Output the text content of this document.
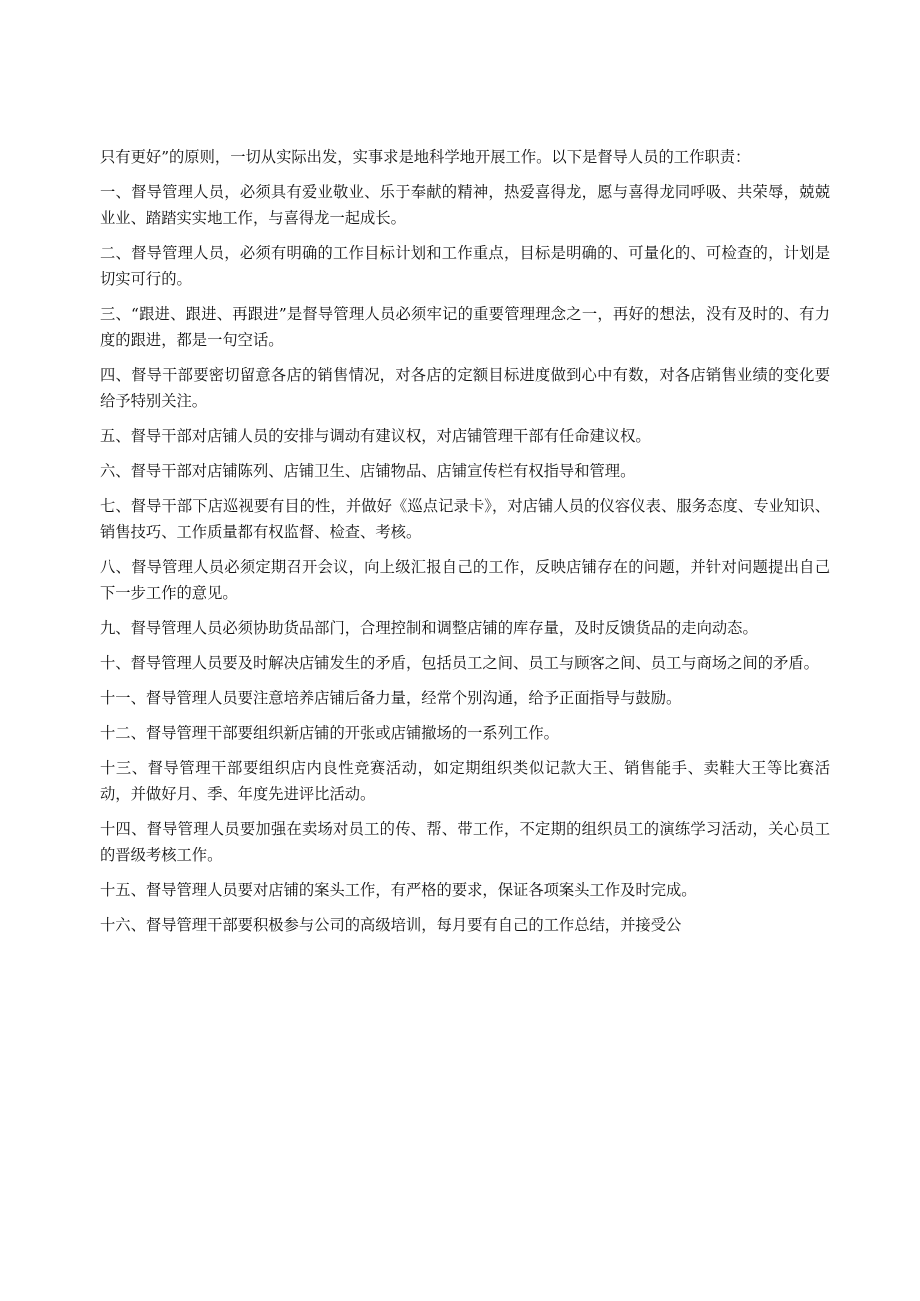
只有更好”的原则，一切从实际出发，实事求是地科学地开展工作。以下是督导人员的工作职责：

一、督导管理人员，必须具有爱业敬业、乐于奉献的精神，热爱喜得龙，愿与喜得龙同呼吸、共荣辱，兢兢业业、踏踏实实地工作，与喜得龙一起成长。

二、督导管理人员，必须有明确的工作目标计划和工作重点，目标是明确的、可量化的、可检查的，计划是切实可行的。

三、“跟进、跟进、再跟进”是督导管理人员必须牢记的重要管理理念之一，再好的想法，没有及时的、有力度的跟进，都是一句空话。

四、督导干部要密切留意各店的销售情况，对各店的定额目标进度做到心中有数，对各店销售业绩的变化要给予特别关注。

五、督导干部对店铺人员的安排与调动有建议权，对店铺管理干部有任命建议权。

六、督导干部对店铺陈列、店铺卫生、店铺物品、店铺宣传栏有权指导和管理。

七、督导干部下店巡视要有目的性，并做好《巡点记录卡》，对店铺人员的仪容仪表、服务态度、专业知识、销售技巧、工作质量都有权监督、检查、考核。

八、督导管理人员必须定期召开会议，向上级汇报自己的工作，反映店铺存在的问题，并针对问题提出自己下一步工作的意见。

九、督导管理人员必须协助货品部门，合理控制和调整店铺的库存量，及时反馈货品的走向动态。

十、督导管理人员要及时解决店铺发生的矛盾，包括员工之间、员工与顾客之间、员工与商场之间的矛盾。

十一、督导管理人员要注意培养店铺后备力量，经常个别沟通，给予正面指导与鼓励。

十二、督导管理干部要组织新店铺的开张或店铺撤场的一系列工作。

十三、督导管理干部要组织店内良性竞赛活动，如定期组织类似记款大王、销售能手、卖鞋大王等比赛活动，并做好月、季、年度先进评比活动。

十四、督导管理人员要加强在卖场对员工的传、帮、带工作，不定期的组织员工的演练学习活动，关心员工的晋级考核工作。

十五、督导管理人员要对店铺的案头工作，有严格的要求，保证各项案头工作及时完成。

十六、督导管理干部要积极参与公司的高级培训，每月要有自己的工作总结，并接受公
